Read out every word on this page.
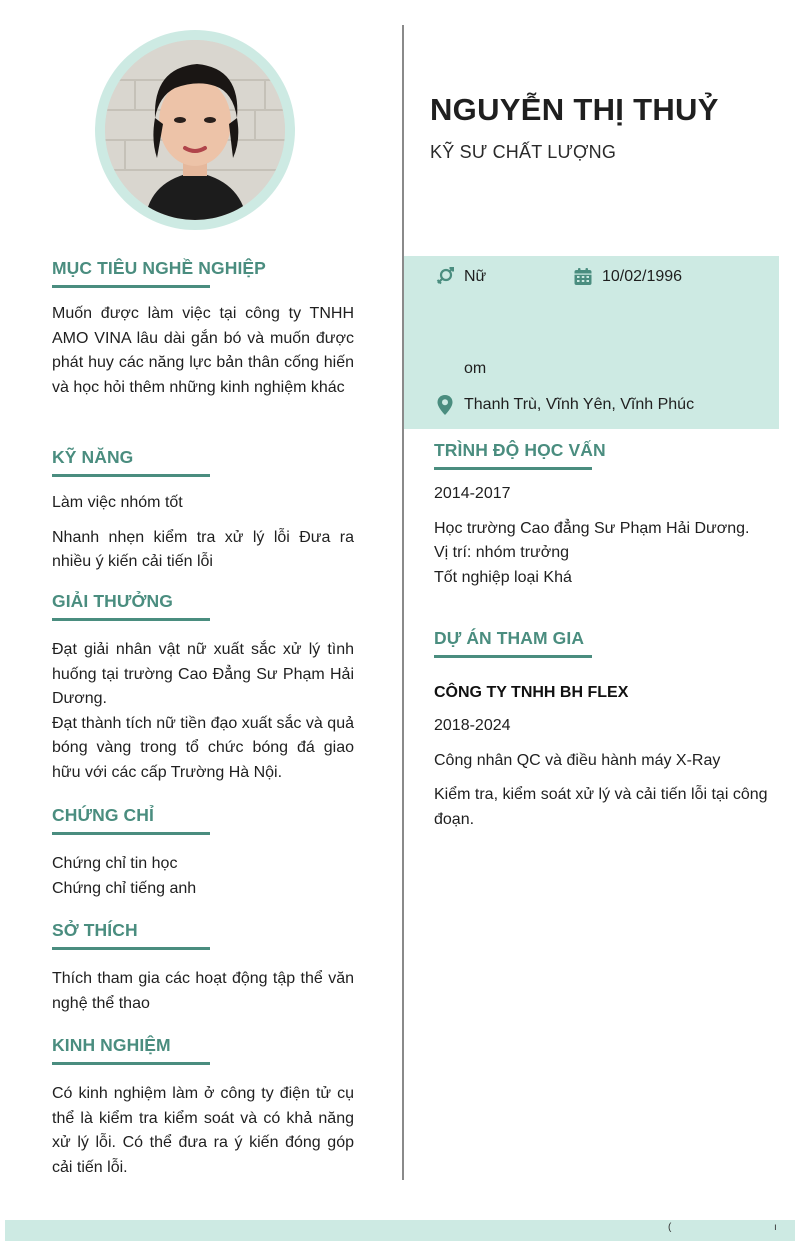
NGUYỄN THỊ THUỶ
KỸ SƯ CHẤT LƯỢNG
Nữ	10/02/1996
om
Thanh Trù, Vĩnh Yên, Vĩnh Phúc
MỤC TIÊU NGHỀ NGHIỆP

Muốn được làm việc tại công ty TNHH AMO VINA lâu dài gắn bó và muốn được phát huy các năng lực bản thân cống hiến và học hỏi thêm những kinh nghiệm khác

KỸ NĂNG

Làm việc nhóm tốt

Nhanh nhẹn kiểm tra xử lý lỗi Đưa ra nhiều ý kiến cải tiến lỗi

GIẢI THƯỞNG

Đạt giải nhân vật nữ xuất sắc xử lý tình huống tại trường Cao Đẳng Sư Phạm Hải Dương.

Đạt thành tích nữ tiền đạo xuất sắc và quả bóng vàng trong tổ chức bóng đá giao hữu với các cấp Trường Hà Nội.

CHỨNG CHỈ

Chứng chỉ tin học

Chứng chỉ tiếng anh

SỞ THÍCH

Thích tham gia các hoạt động tập thể văn nghệ thể thao

KINH NGHIỆM

Có kinh nghiệm làm ở công ty điện tử cụ thể là kiểm tra kiểm soát và có khả năng xử lý lỗi. Có thể đưa ra ý kiến đóng góp cải tiến lỗi.

TRÌNH ĐỘ HỌC VẤN
2014-2017
Học trường Cao đẳng Sư Phạm Hải Dương.
Vị trí: nhóm trưởng
Tốt nghiệp loại Khá
DỰ ÁN THAM GIA
CÔNG TY TNHH BH FLEX
2018-2024
Công nhân QC và điều hành máy X-Ray
Kiểm tra, kiểm soát xử lý và cải tiến lỗi tại công đoạn.
(	ı
